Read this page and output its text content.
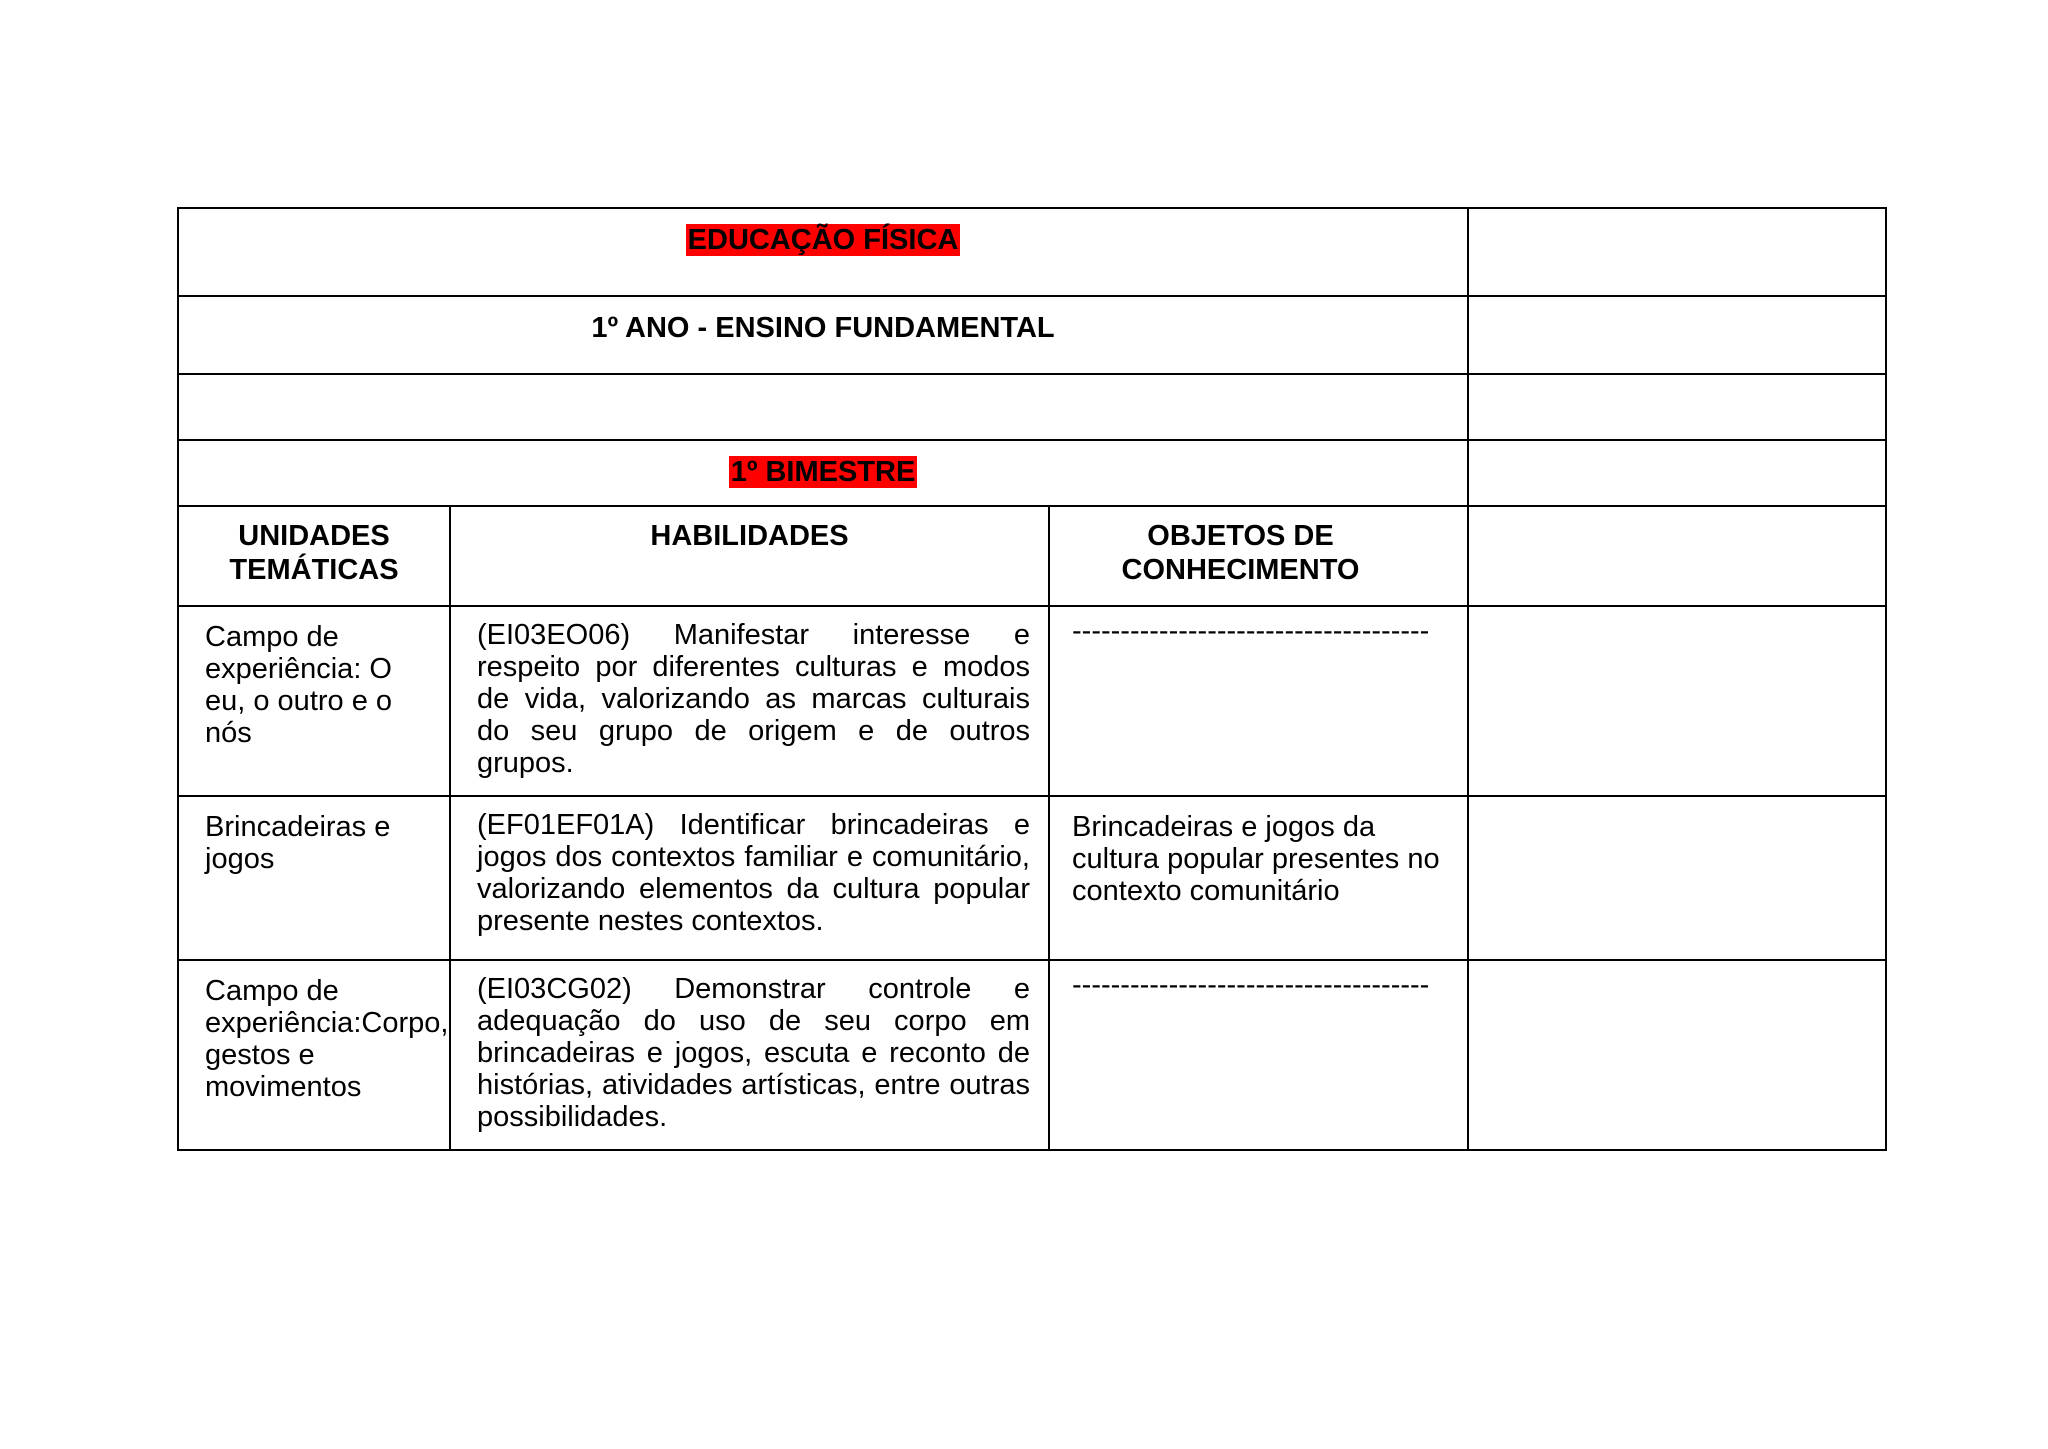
EDUCAÇÃO FÍSICA			
1º ANO - ENSINO FUNDAMENTAL			

1º BIMESTRE			
UNIDADES TEMÁTICAS	HABILIDADES	OBJETOS DE CONHECIMENTO	
Campo de experiência: O eu, o outro e o nós	(EI03EO06) Manifestar interesse e respeito por diferentes culturas e modos de vida, valorizando as marcas culturais do seu grupo de origem e de outros grupos.	-------------------------------------	
Brincadeiras e jogos	(EF01EF01A) Identificar brincadeiras e jogos dos contextos familiar e comunitário, valorizando elementos da cultura popular presente nestes contextos.	Brincadeiras e jogos da cultura popular presentes no contexto comunitário	
Campo de experiência:Corpo, gestos e movimentos	(EI03CG02) Demonstrar controle e adequação do uso de seu corpo em brincadeiras e jogos, escuta e reconto de histórias, atividades artísticas, entre outras possibilidades.	-------------------------------------	
